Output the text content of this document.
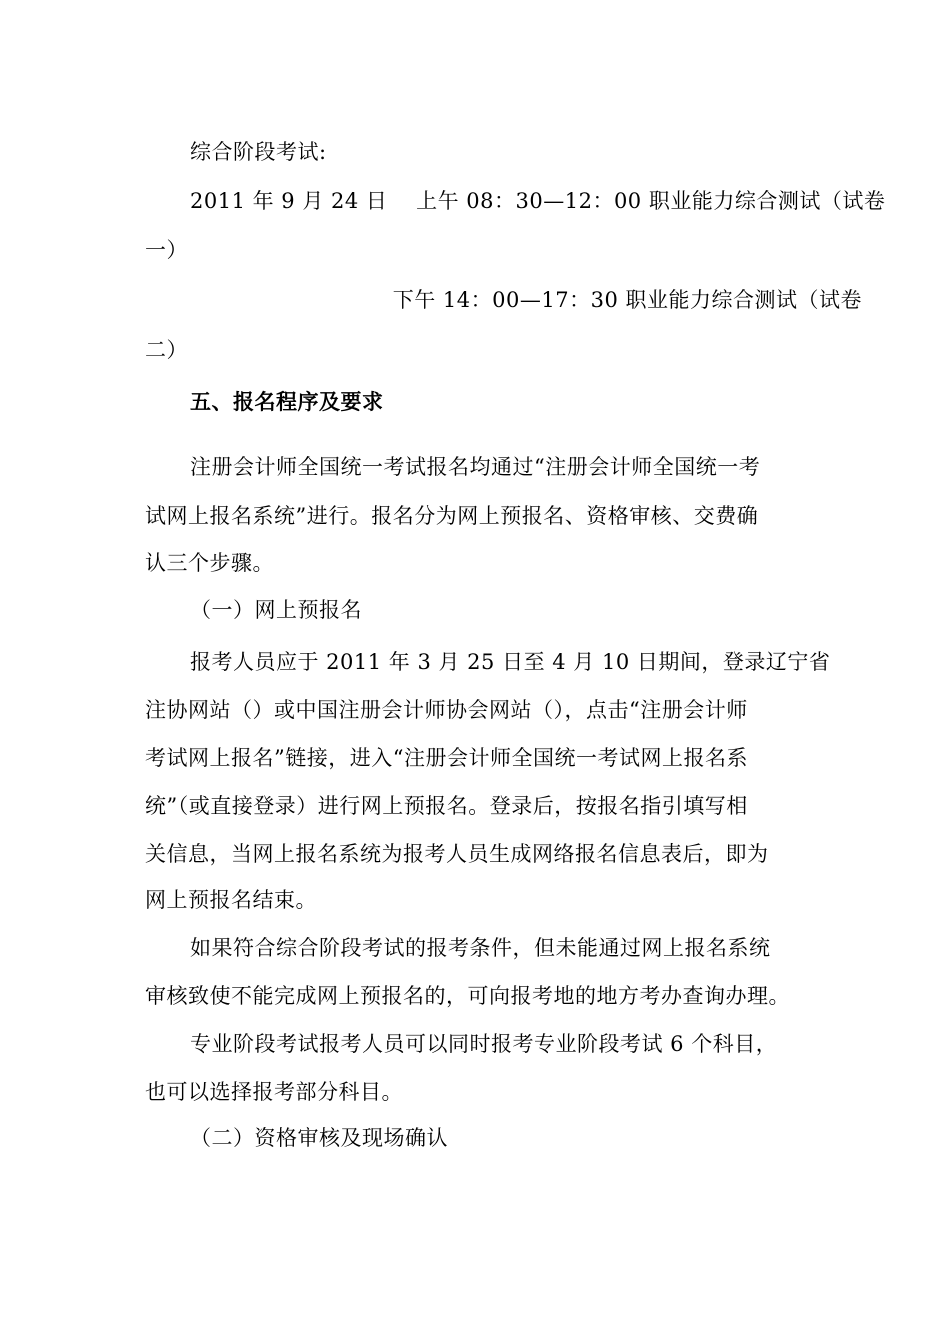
综合阶段考试:
2011 年 9 月 24 日    上午 08：30—12：00 职业能力综合测试（试卷
一）
下午 14：00—17：30 职业能力综合测试（试卷
二）
五、报名程序及要求
注册会计师全国统一考试报名均通过“注册会计师全国统一考
试网上报名系统”进行。报名分为网上预报名、资格审核、交费确
认三个步骤。
（一）网上预报名
报考人员应于 2011 年 3 月 25 日至 4 月 10 日期间，登录辽宁省
注协网站（）或中国注册会计师协会网站（），点击“注册会计师
考试网上报名”链接，进入“注册会计师全国统一考试网上报名系
统”（或直接登录）进行网上预报名。登录后，按报名指引填写相
关信息，当网上报名系统为报考人员生成网络报名信息表后，即为
网上预报名结束。
如果符合综合阶段考试的报考条件，但未能通过网上报名系统
审核致使不能完成网上预报名的，可向报考地的地方考办查询办理。
专业阶段考试报考人员可以同时报考专业阶段考试 6 个科目，
也可以选择报考部分科目。
（二）资格审核及现场确认
